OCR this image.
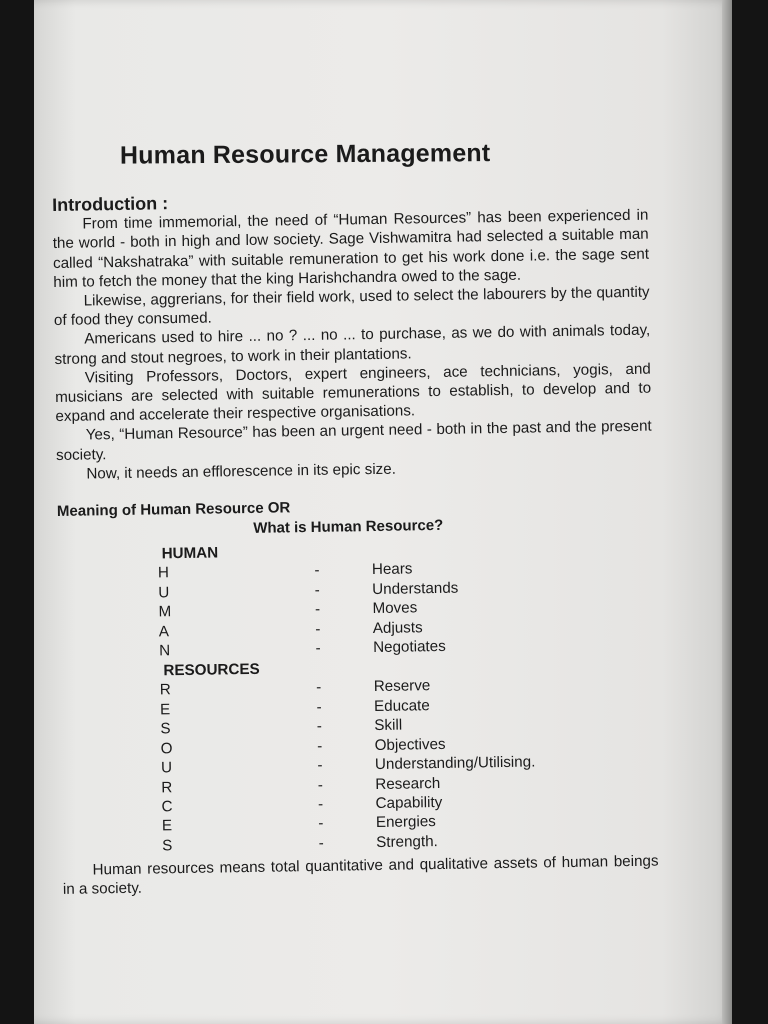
Human Resource Management
Introduction :

From time immemorial, the need of “Human Resources” has been experienced in the world - both in high and low society. Sage Vishwamitra had selected a suitable man called “Nakshatraka” with suitable remuneration to get his work done i.e. the sage sent him to fetch the money that the king Harishchandra owed to the sage.

Likewise, aggrerians, for their field work, used to select the labourers by the quantity of food they consumed.

Americans used to hire ... no ? ... no ... to purchase, as we do with animals today, strong and stout negroes, to work in their plantations.

Visiting Professors, Doctors, expert engineers, ace technicians, yogis, and musicians are selected with suitable remunerations to establish, to develop and to expand and accelerate their respective organisations.

Yes, “Human Resource” has been an urgent need - both in the past and the present society.

Now, it needs an efflorescence in its epic size.

Meaning of Human Resource OR
What is Human Resource?
HUMAN
H	-	Hears
U	-	Understands
M	-	Moves
A	-	Adjusts
N	-	Negotiates
RESOURCES
R	-	Reserve
E	-	Educate
S	-	Skill
O	-	Objectives
U	-	Understanding/Utilising.
R	-	Research
C	-	Capability
E	-	Energies
S	-	Strength.

Human resources means total quantitative and qualitative assets of human beings in a society.
